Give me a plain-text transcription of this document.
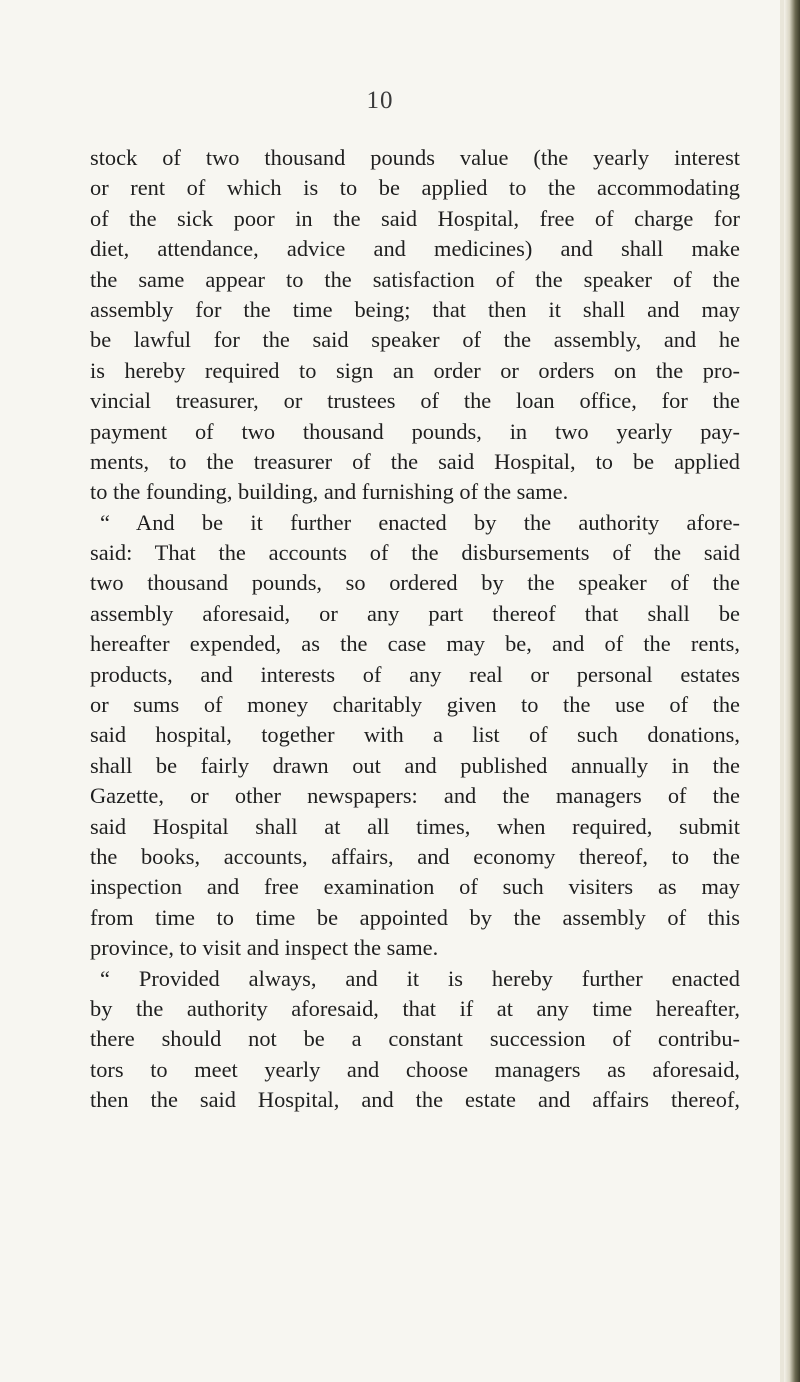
10
stock of two thousand pounds value (the yearly interest
or rent of which is to be applied to the accommodating
of the sick poor in the said Hospital, free of charge for
diet, attendance, advice and medicines) and shall make
the same appear to the satisfaction of the speaker of the
assembly for the time being; that then it shall and may
be lawful for the said speaker of the assembly, and he
is hereby required to sign an order or orders on the pro-
vincial treasurer, or trustees of the loan office, for the
payment of two thousand pounds, in two yearly pay-
ments, to the treasurer of the said Hospital, to be applied
to the founding, building, and furnishing of the same.
“ And be it further enacted by the authority afore-
said: That the accounts of the disbursements of the said
two thousand pounds, so ordered by the speaker of the
assembly aforesaid, or any part thereof that shall be
hereafter expended, as the case may be, and of the rents,
products, and interests of any real or personal estates
or sums of money charitably given to the use of the
said hospital, together with a list of such donations,
shall be fairly drawn out and published annually in the
Gazette, or other newspapers: and the managers of the
said Hospital shall at all times, when required, submit
the books, accounts, affairs, and economy thereof, to the
inspection and free examination of such visiters as may
from time to time be appointed by the assembly of this
province, to visit and inspect the same.
“ Provided always, and it is hereby further enacted
by the authority aforesaid, that if at any time hereafter,
there should not be a constant succession of contribu-
tors to meet yearly and choose managers as aforesaid,
then the said Hospital, and the estate and affairs thereof,
